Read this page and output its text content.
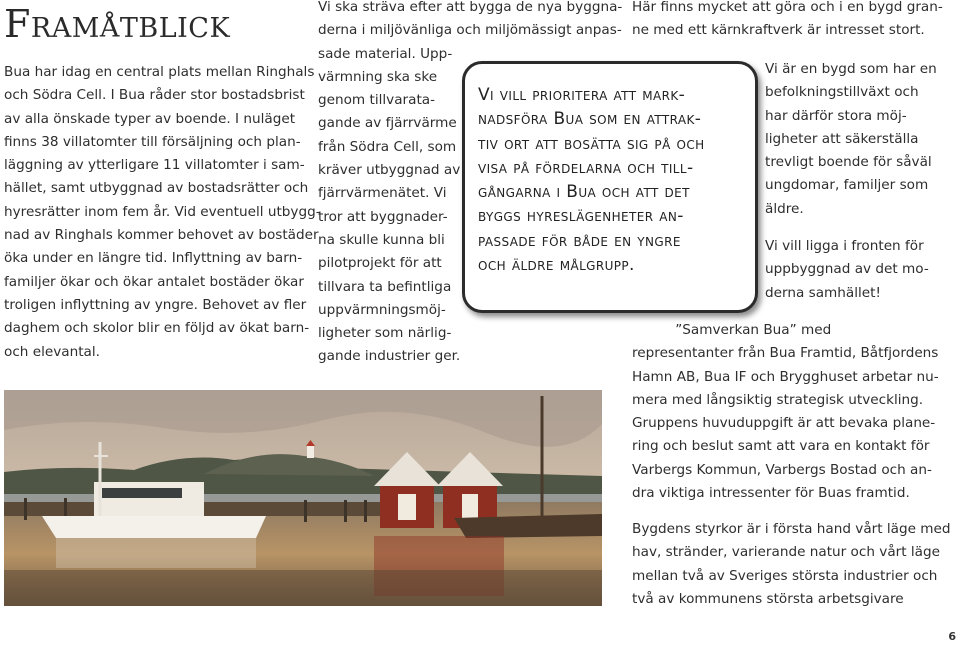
Framåtblick
Bua har idag en central plats mellan Ringhals
och Södra Cell. I Bua råder stor bostadsbrist
av alla önskade typer av boende. I nuläget
finns 38 villatomter till försäljning och plan-
läggning av ytterligare 11 villatomter i sam-
hället, samt utbyggnad av bostadsrätter och
hyresrätter inom fem år. Vid eventuell utbygg-
nad av Ringhals kommer behovet av bostäder
öka under en längre tid. Inflyttning av barn-
familjer ökar och ökar antalet bostäder ökar
troligen inflyttning av yngre. Behovet av fler
daghem och skolor blir en följd av ökat barn-
och elevantal.
Vi ska sträva efter att bygga de nya byggna-
derna i miljövänliga och miljömässigt anpas-
sade material. Upp-
värmning ska ske
genom tillvarata-
gande av fjärrvärme
från Södra Cell, som
kräver utbyggnad av
fjärrvärmenätet. Vi
tror att byggnader-
na skulle kunna bli
pilotprojekt för att
tillvara ta befintliga
uppvärmningsmöj-
ligheter som närlig-
gande industrier ger.
Här finns mycket att göra och i en bygd gran-
ne med ett kärnkraftverk är intresset stort.
Vi är en bygd som har en
befolkningstillväxt och
har därför stora möj-
ligheter att säkerställa
trevligt boende för såväl
ungdomar, familjer som
äldre.
Vi vill ligga i fronten för
uppbyggnad av det mo-
derna samhället!
”Samverkan Bua” med
representanter från Bua Framtid, Båtfjordens
Hamn AB, Bua IF och Brygghuset arbetar nu-
mera med långsiktig strategisk utveckling.
Gruppens huvuduppgift är att bevaka plane-
ring och beslut samt att vara en kontakt för
Varbergs Kommun, Varbergs Bostad och an-
dra viktiga intressenter för Buas framtid.
Bygdens styrkor är i första hand vårt läge med
hav, stränder, varierande natur och vårt läge
mellan två av Sveriges största industrier och
två av kommunens största arbetsgivare
Vi vill prioritera att mark-
nadsföra Bua som en attrak-
tiv ort att bosätta sig på och
visa på fördelarna och till-
gångarna i Bua och att det
byggs hyreslägenheter an-
passade för både en yngre
och äldre målgrupp.
6
